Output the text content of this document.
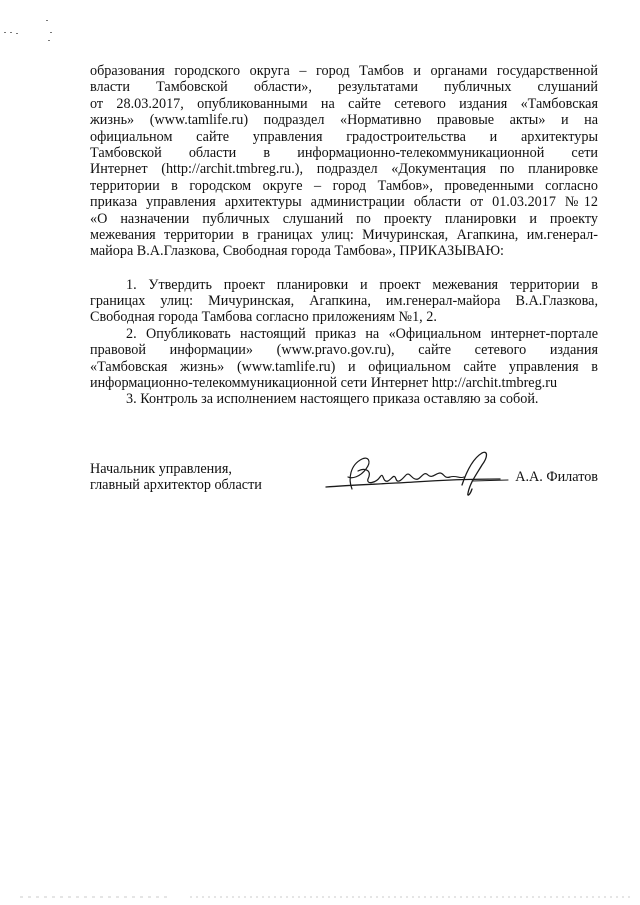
образования городского округа – город Тамбов и органами государственной
власти Тамбовской области», результатами публичных слушаний
от 28.03.2017, опубликованными на сайте сетевого издания «Тамбовская
жизнь» (www.tamlife.ru) подраздел «Нормативно правовые акты» и на
официальном сайте управления градостроительства и архитектуры
Тамбовской области в информационно-телекоммуникационной сети
Интернет (http://archit.tmbreg.ru.), подраздел «Документация по планировке
территории в городском округе – город Тамбов», проведенными согласно
приказа управления архитектуры администрации области от 01.03.2017 №12
«О назначении публичных слушаний по проекту планировки и проекту
межевания территории в границах улиц: Мичуринская, Агапкина, им.генерал-
майора В.А.Глазкова, Свободная города Тамбова», ПРИКАЗЫВАЮ:
1. Утвердить проект планировки и проект межевания территории в
границах улиц: Мичуринская, Агапкина, им.генерал-майора В.А.Глазкова,
Свободная города Тамбова согласно приложениям №1, 2.
2. Опубликовать настоящий приказ на «Официальном интернет-портале
правовой информации» (www.pravo.gov.ru), сайте сетевого издания
«Тамбовская жизнь» (www.tamlife.ru) и официальном сайте управления в
информационно-телекоммуникационной сети Интернет http://archit.tmbreg.ru
3. Контроль за исполнением настоящего приказа оставляю за собой.
Начальник управления,
главный архитектор области
А.А. Филатов
